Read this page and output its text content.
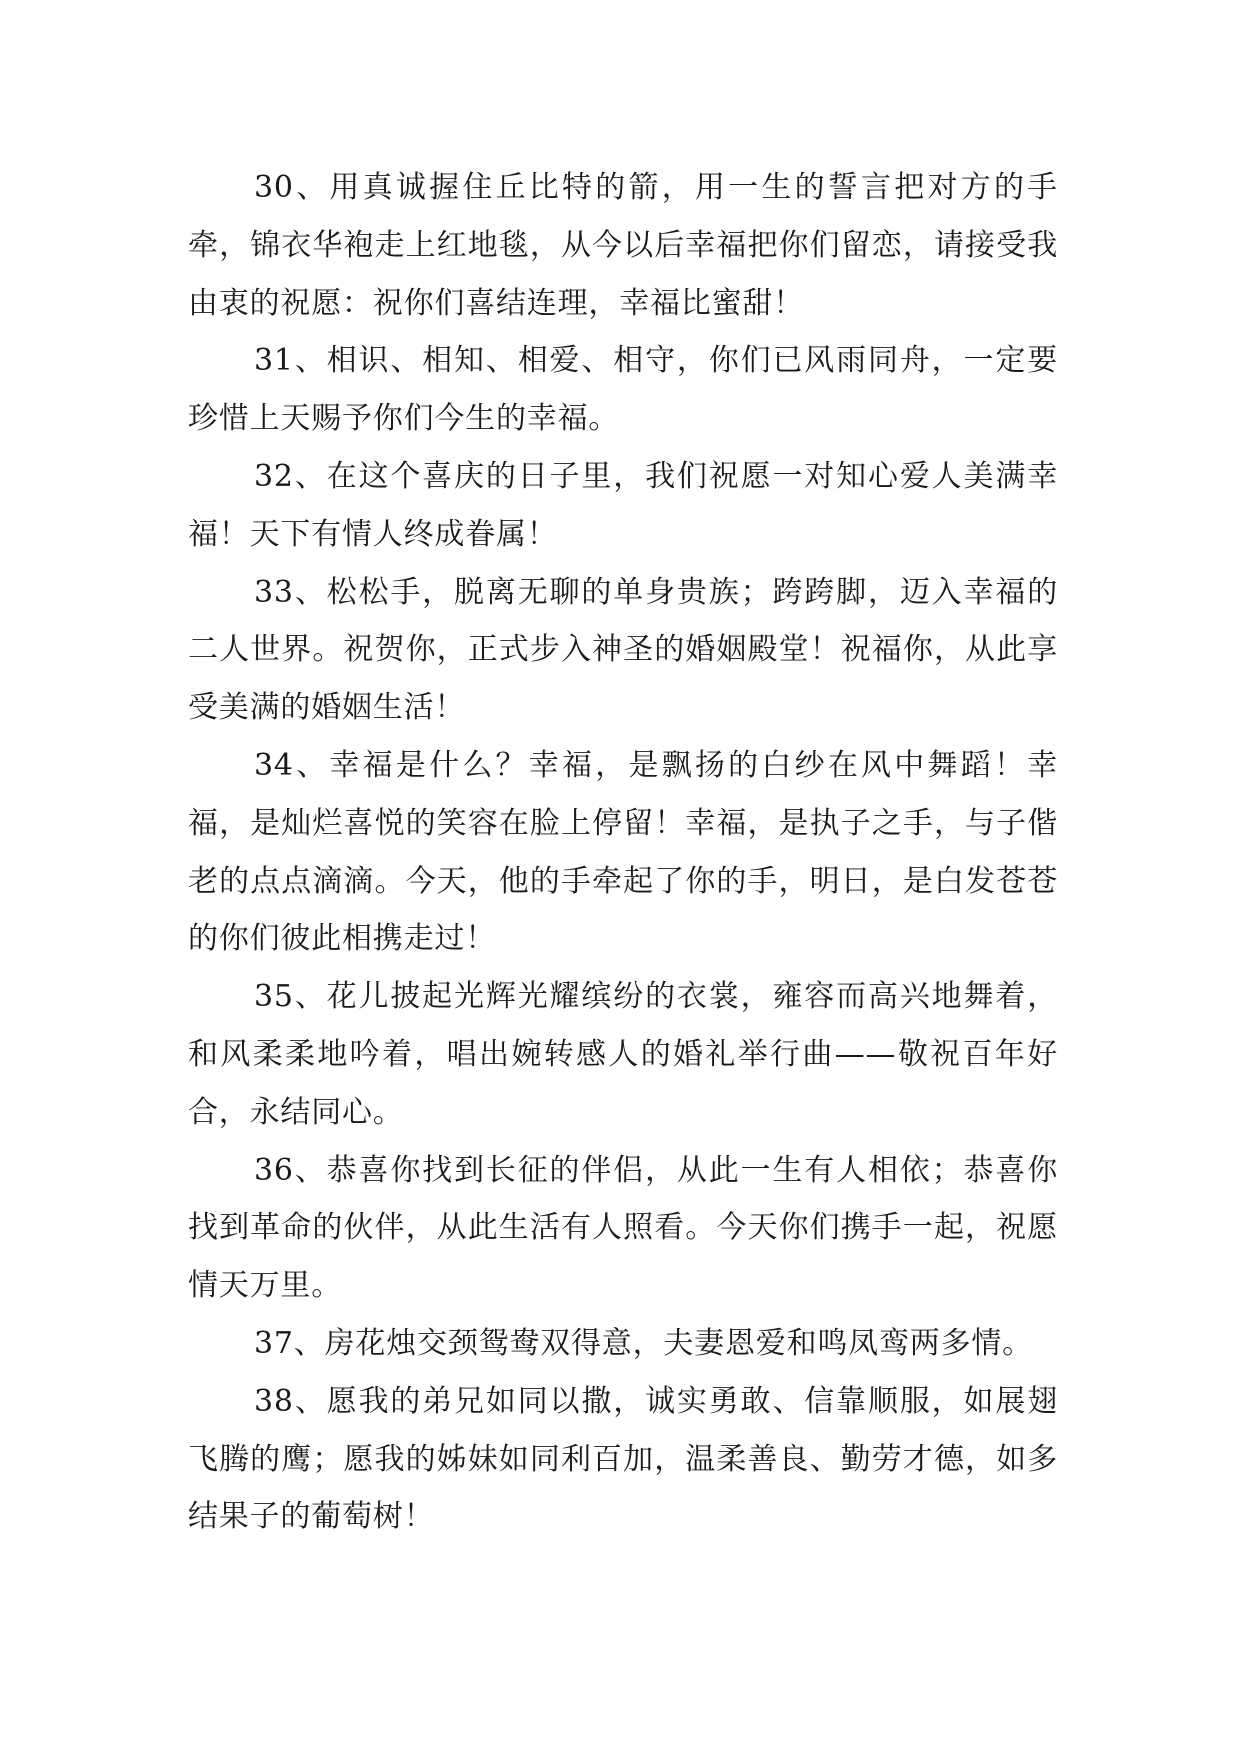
30、用真诚握住丘比特的箭，用一生的誓言把对方的手牵，锦衣华袍走上红地毯，从今以后幸福把你们留恋，请接受我由衷的祝愿：祝你们喜结连理，幸福比蜜甜！

31、相识、相知、相爱、相守，你们已风雨同舟，一定要珍惜上天赐予你们今生的幸福。

32、在这个喜庆的日子里，我们祝愿一对知心爱人美满幸福！天下有情人终成眷属！

33、松松手，脱离无聊的单身贵族；跨跨脚，迈入幸福的二人世界。祝贺你，正式步入神圣的婚姻殿堂！祝福你，从此享受美满的婚姻生活！

34、幸福是什么？幸福，是飘扬的白纱在风中舞蹈！幸福，是灿烂喜悦的笑容在脸上停留！幸福，是执子之手，与子偕老的点点滴滴。今天，他的手牵起了你的手，明日，是白发苍苍的你们彼此相携走过！

35、花儿披起光辉光耀缤纷的衣裳，雍容而高兴地舞着，和风柔柔地吟着，唱出婉转感人的婚礼举行曲——敬祝百年好合，永结同心。

36、恭喜你找到长征的伴侣，从此一生有人相依；恭喜你找到革命的伙伴，从此生活有人照看。今天你们携手一起，祝愿情天万里。

37、房花烛交颈鸳鸯双得意，夫妻恩爱和鸣凤鸾两多情。

38、愿我的弟兄如同以撒，诚实勇敢、信靠顺服，如展翅飞腾的鹰；愿我的姊妹如同利百加，温柔善良、勤劳才德，如多结果子的葡萄树！
